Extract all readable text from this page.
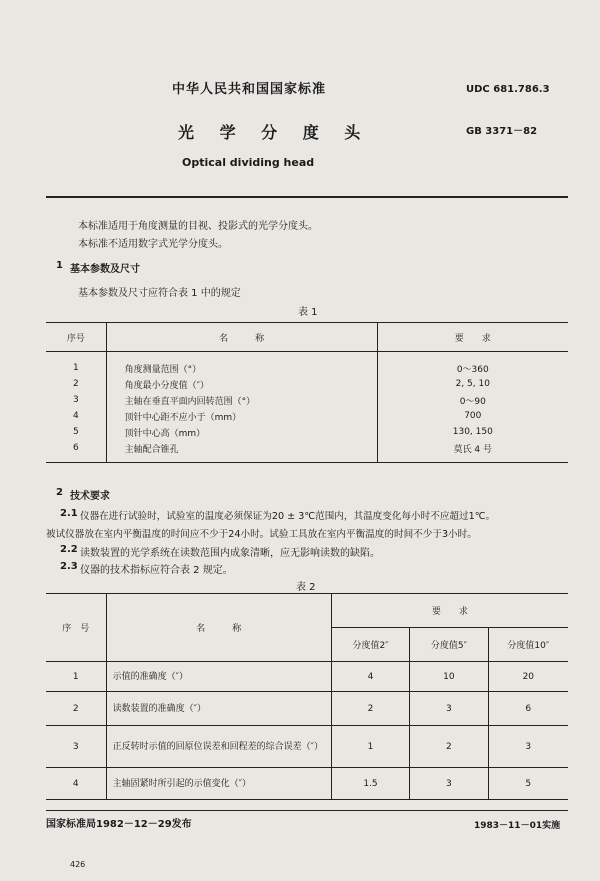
中华人民共和国国家标准	UDC 681.786.3
光 学 分 度 头	GB 3371－82
Optical dividing head
本标准适用于角度测量的目视、投影式的光学分度头。
本标准不适用数字式光学分度头。
1 基本参数及尺寸
基本参数及尺寸应符合表 1 中的规定
表 1
序号	名　　　称	要　　求
1	角度测量范围（°）	0～360
2	角度最小分度值（″）	2, 5, 10
3	主轴在垂直平面内回转范围（°）	0～90
4	顶针中心距不应小于（mm）	700
5	顶针中心高（mm）	130, 150
6	主轴配合锥孔	莫氏 4 号
2 技术要求
2.1 仪器在进行试验时，试验室的温度必须保证为20 ± 3℃范围内，其温度变化每小时不应超过1℃。
被试仪器放在室内平衡温度的时间应不少于24小时。试验工具放在室内平衡温度的时间不少于3小时。
2.2 读数装置的光学系统在读数范围内成象清晰，应无影响读数的缺陷。
2.3 仪器的技术指标应符合表 2 规定。
表 2
序　号	名　　　称	要　　求		
		分度值2″	分度值5″	分度值10″
1	示值的准确度（″）	4	10	20
2	读数装置的准确度（″）	2	3	6
3	正反转时示值的回原位误差和回程差的综合误差（″）	1	2	3
4	主轴固紧时所引起的示值变化（″）	1.5	3	5
国家标准局1982－12－29发布	1983－11－01实施
426
